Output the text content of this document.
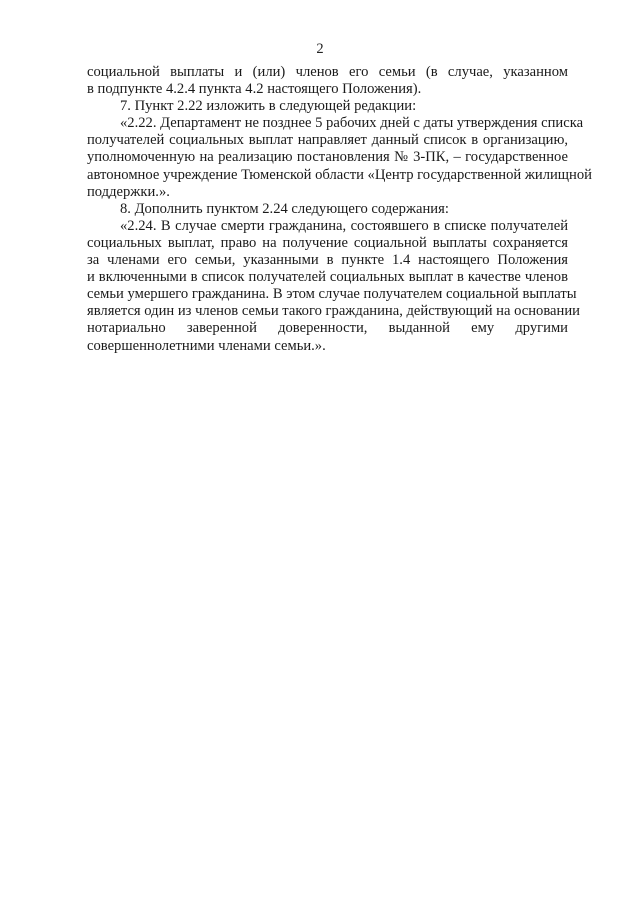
2
социальной выплаты и (или) членов его семьи (в случае, указанном
в подпункте 4.2.4 пункта 4.2 настоящего Положения).
7. Пункт 2.22 изложить в следующей редакции:
«2.22. Департамент не позднее 5 рабочих дней с даты утверждения списка
получателей социальных выплат направляет данный список в организацию,
уполномоченную на реализацию постановления № 3-ПК, – государственное
автономное учреждение Тюменской области «Центр государственной жилищной
поддержки.».
8. Дополнить пунктом 2.24 следующего содержания:
«2.24. В случае смерти гражданина, состоявшего в списке получателей
социальных выплат, право на получение социальной выплаты сохраняется
за членами его семьи, указанными в пункте 1.4 настоящего Положения
и включенными в список получателей социальных выплат в качестве членов
семьи умершего гражданина. В этом случае получателем социальной выплаты
является один из членов семьи такого гражданина, действующий на основании
нотариально заверенной доверенности, выданной ему другими
совершеннолетними членами семьи.».
